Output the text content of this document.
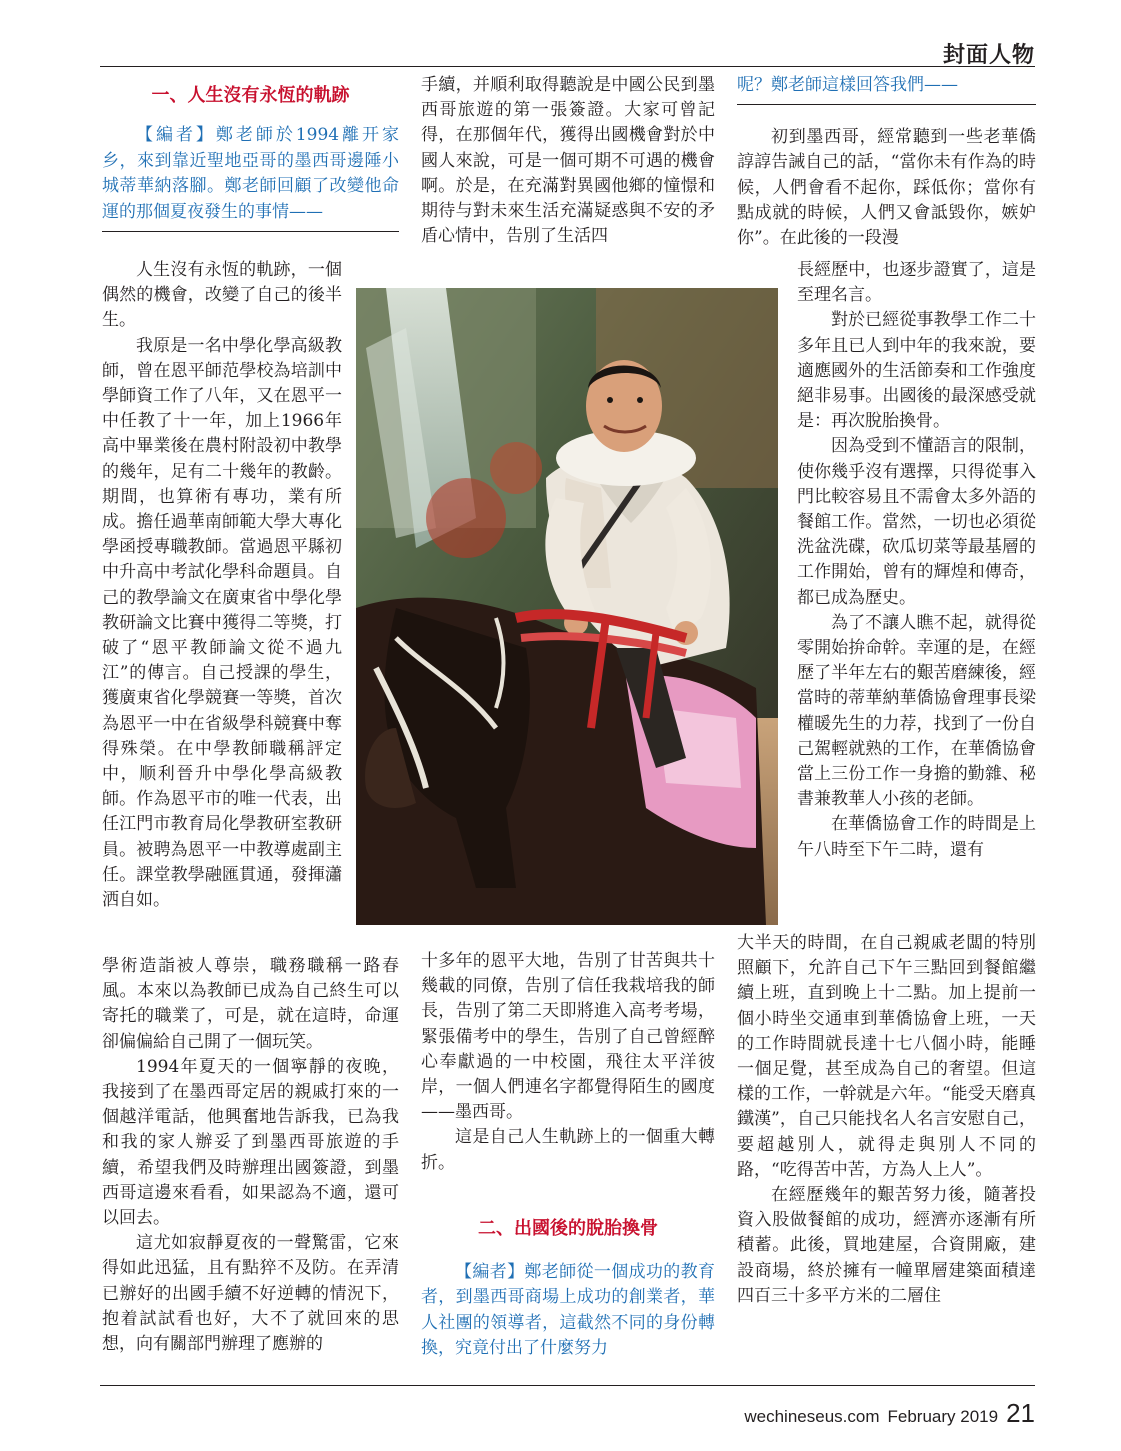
封面人物
一、人生沒有永恆的軌跡

【編者】鄭老師於1994離开家乡，來到靠近聖地亞哥的墨西哥邊陲小城蒂華納落腳。鄭老師回顧了改變他命運的那個夏夜發生的事情——

人生沒有永恆的軌跡，一個偶然的機會，改變了自己的後半生。

我原是一名中學化學高級教師，曾在恩平師范學校為培訓中學師資工作了八年，又在恩平一中任教了十一年，加上1966年高中畢業後在農村附設初中教學的幾年，足有二十幾年的教齡。期間，也算術有專功，業有所成。擔任過華南師範大學大專化學函授專職教師。當過恩平縣初中升高中考試化學科命題員。自己的教學論文在廣東省中學化學教研論文比賽中獲得二等獎，打破了“恩平教師論文從不過九江”的傳言。自己授課的學生，獲廣東省化學競賽一等獎，首次為恩平一中在省級學科競賽中奪得殊榮。在中學教師職稱評定中，顺利晉升中學化學高級教師。作為恩平市的唯一代表，出任江門市教育局化學教研室教研員。被聘為恩平一中教導處副主任。課堂教學融匯貫通，發揮瀟洒自如。

學術造詣被人尊崇，職務職稱一路春風。本來以為教師已成為自己終生可以寄托的職業了，可是，就在這時，命運卻偏偏給自己開了一個玩笑。

1994年夏天的一個寧靜的夜晚，我接到了在墨西哥定居的親戚打來的一個越洋電話，他興奮地告訴我，已為我和我的家人辦妥了到墨西哥旅遊的手續，希望我們及時辦理出國簽證，到墨西哥這邊來看看，如果認為不適，還可以回去。

這尤如寂靜夏夜的一聲驚雷，它來得如此迅猛，且有點猝不及防。在弄清已辦好的出國手續不好逆轉的情況下，抱着試試看也好，大不了就回來的思想，向有關部門辦理了應辦的

手續，并順利取得聽說是中國公民到墨西哥旅遊的第一張簽證。大家可曾記得，在那個年代，獲得出國機會對於中國人來說，可是一個可期不可遇的機會啊。於是，在充滿對異國他鄉的憧憬和期待与對未來生活充滿疑惑與不安的矛盾心情中，告別了生活四

十多年的恩平大地，告別了甘苦與共十幾載的同僚，告別了信任我栽培我的師長，告別了第二天即將進入高考考場，緊張備考中的學生，告別了自己曾經醉心奉獻過的一中校園，飛往太平洋彼岸，一個人們連名字都覺得陌生的國度——墨西哥。

這是自己人生軌跡上的一個重大轉折。

二、出國後的脫胎換骨

【編者】鄭老師從一個成功的教育者，到墨西哥商場上成功的創業者，華人社團的領導者，這截然不同的身份轉換，究竟付出了什麼努力

呢？鄭老師這樣回答我們——

初到墨西哥，經常聽到一些老華僑諄諄告誡自己的話，“當你未有作為的時候，人們會看不起你，踩低你；當你有點成就的時候，人們又會詆毀你，嫉妒你”。在此後的一段漫

長經歷中，也逐步證實了，這是至理名言。

對於已經從事教學工作二十多年且已人到中年的我來說，要適應國外的生活節奏和工作強度絕非易事。出國後的最深感受就是：再次脫胎換骨。

因為受到不懂語言的限制，使你幾乎沒有選擇，只得從事入門比較容易且不需會太多外語的餐館工作。當然，一切也必須從洗盆洗碟，砍瓜切菜等最基層的工作開始，曾有的輝煌和傳奇，都已成為歷史。

為了不讓人瞧不起，就得從零開始拚命幹。幸運的是，在經歷了半年左右的艱苦磨練後，經當時的蒂華納華僑協會理事長梁權暖先生的力荐，找到了一份自己駕輕就熟的工作，在華僑協會當上三份工作一身擔的勤雜、秘書兼教華人小孩的老師。

在華僑協會工作的時間是上午八時至下午二時，還有

大半天的時間，在自己親戚老闆的特別照顧下，允許自己下午三點回到餐館繼續上班，直到晚上十二點。加上提前一個小時坐交通車到華僑協會上班，一天的工作時間就長達十七八個小時，能睡一個足覺，甚至成為自己的奢望。但這樣的工作，一幹就是六年。“能受天磨真鐵漢”，自己只能找名人名言安慰自己，要超越別人，就得走與別人不同的路，“吃得苦中苦，方為人上人”。

在經歷幾年的艱苦努力後，隨著投資入股做餐館的成功，經濟亦逐漸有所積蓄。此後，買地建屋，合資開廠，建設商場，終於擁有一幢單層建築面積達四百三十多平方米的二層住

wechineseus.com February 2019 21
